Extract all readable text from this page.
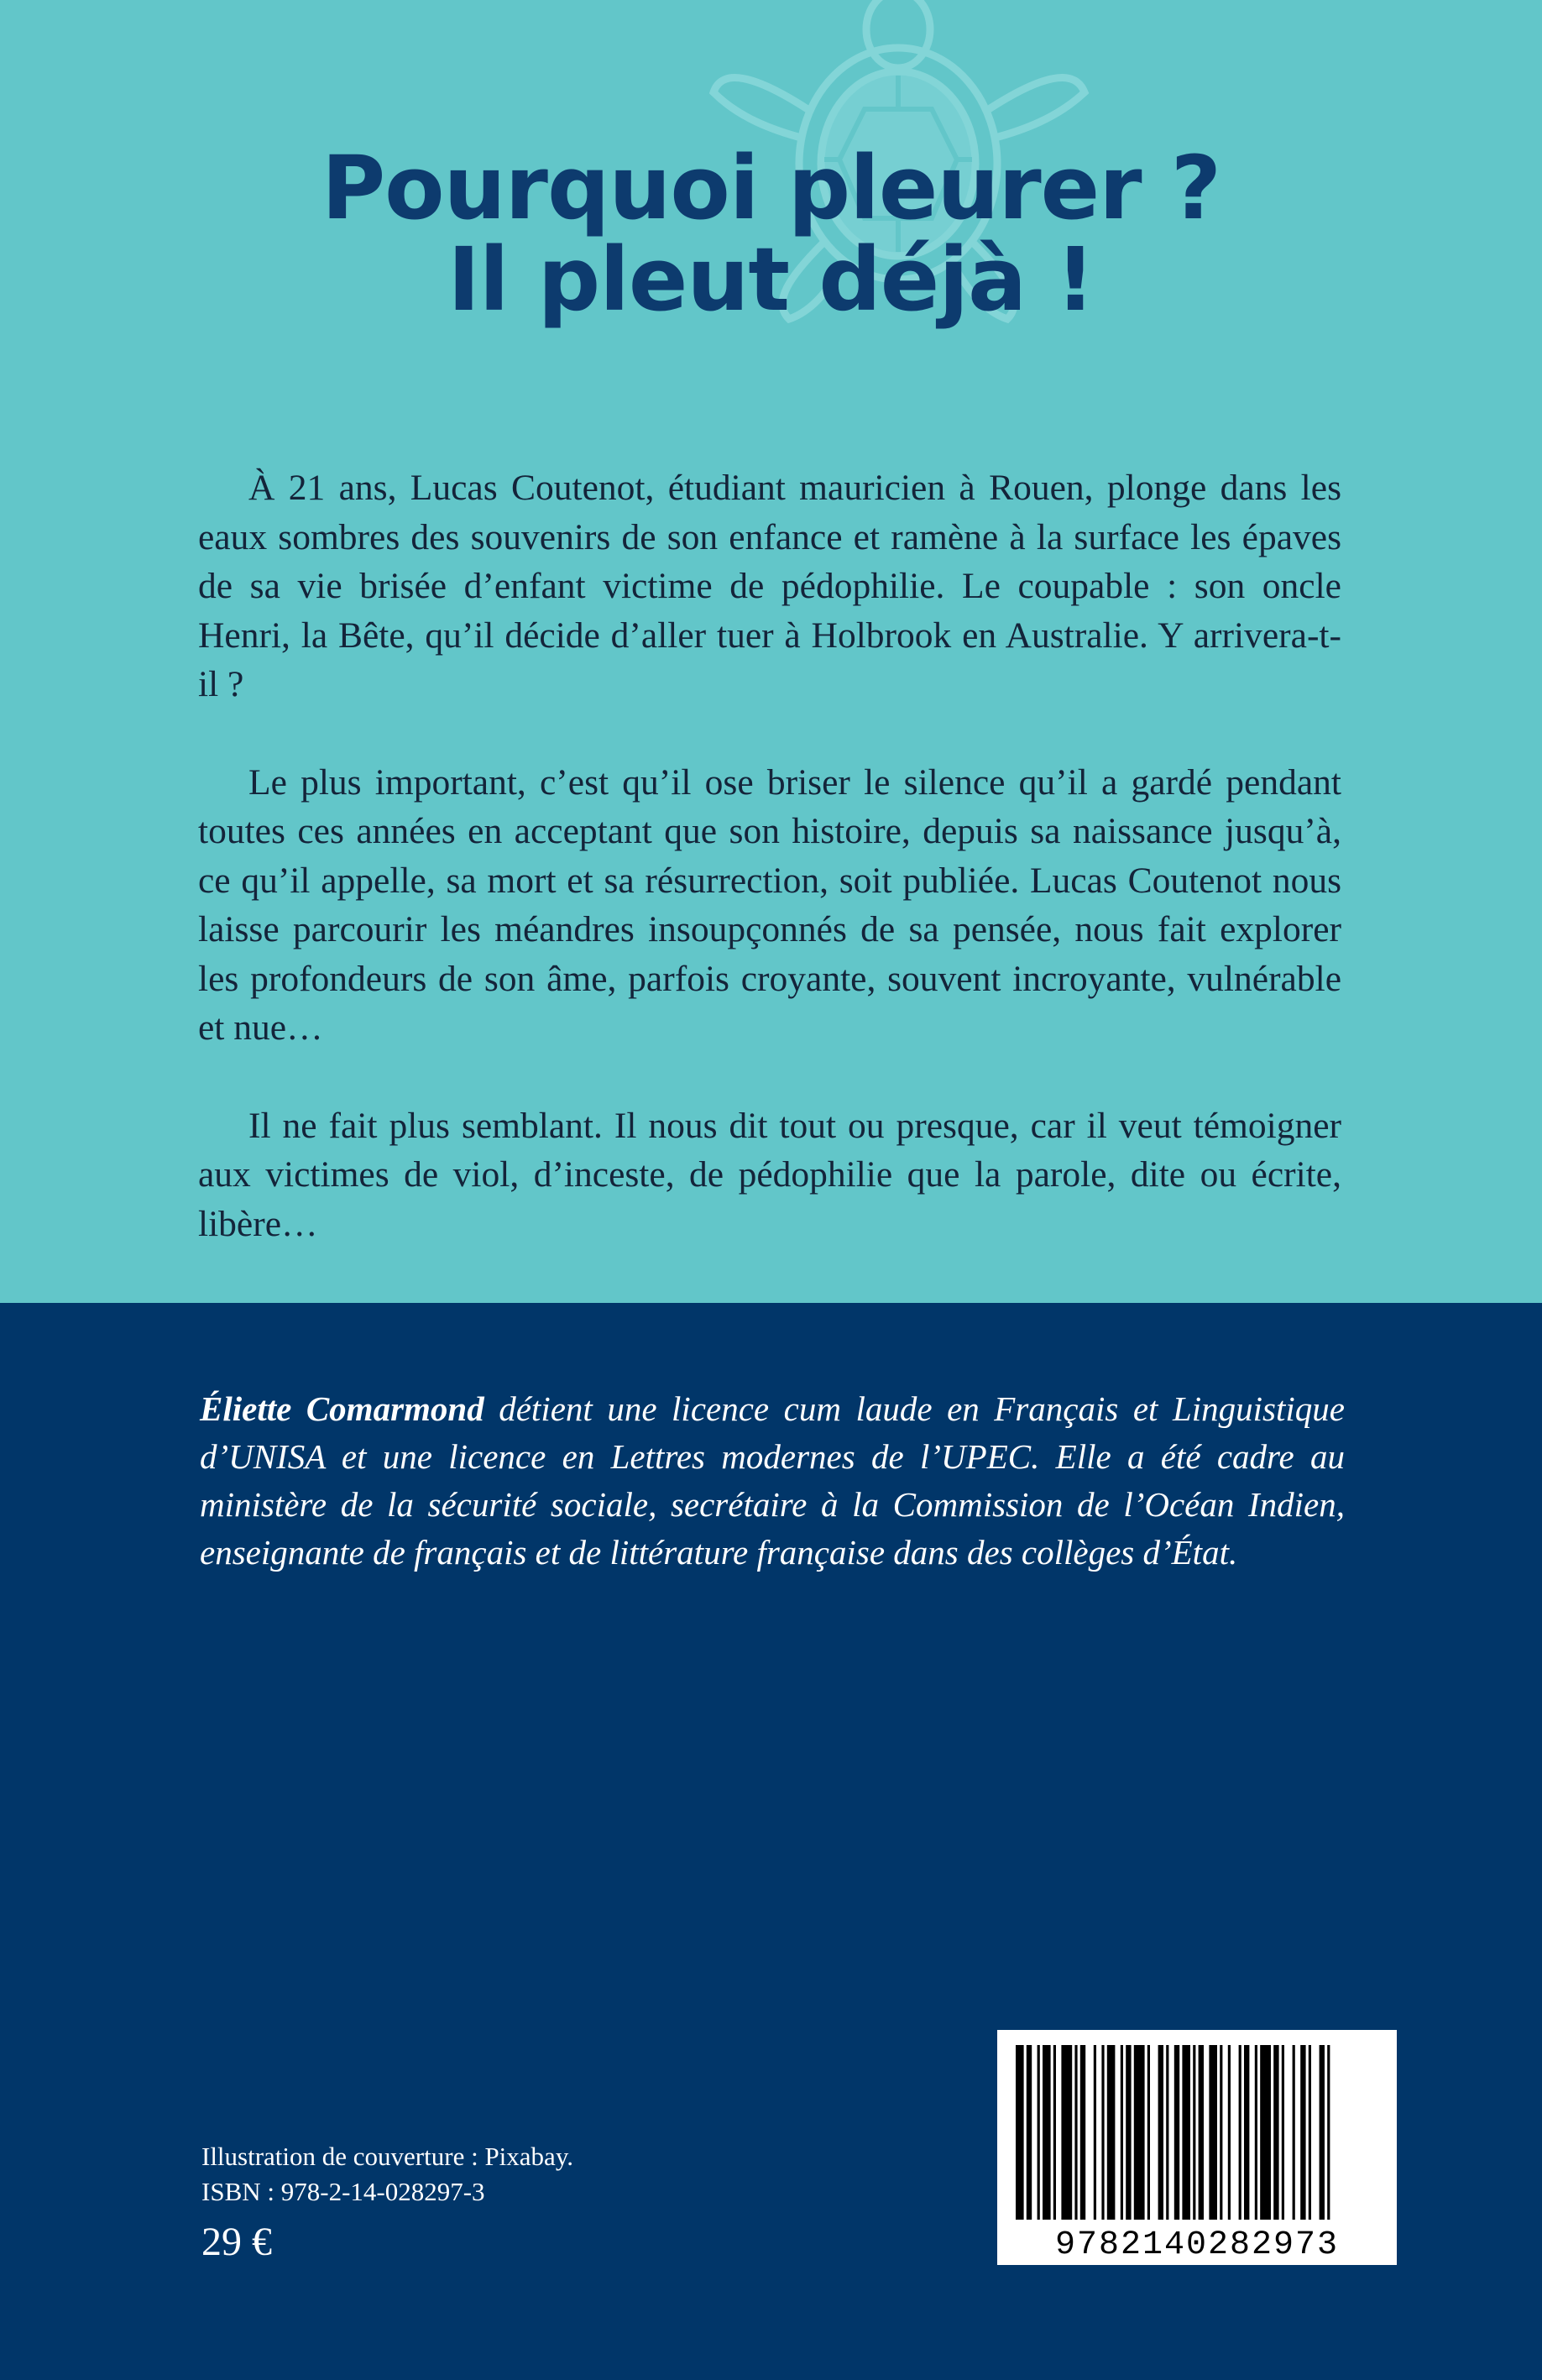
Pourquoi pleurer ?
Il pleut déjà !

À 21 ans, Lucas Coutenot, étudiant mauricien à Rouen, plonge dans les eaux sombres des souvenirs de son enfance et ramène à la surface les épaves de sa vie brisée d’enfant victime de pédophilie. Le coupable : son oncle Henri, la Bête, qu’il décide d’aller tuer à Holbrook en Australie. Y arrivera-t-il ?

Le plus important, c’est qu’il ose briser le silence qu’il a gardé pendant toutes ces années en acceptant que son histoire, depuis sa naissance jusqu’à, ce qu’il appelle, sa mort et sa résurrection, soit publiée. Lucas Coutenot nous laisse parcourir les méandres insoupçonnés de sa pensée, nous fait explorer les profondeurs de son âme, parfois croyante, souvent incroyante, vulnérable et nue…

Il ne fait plus semblant. Il nous dit tout ou presque, car il veut témoigner aux victimes de viol, d’inceste, de pédophilie que la parole, dite ou écrite, libère…

Éliette Comarmond détient une licence cum laude en Français et Linguistique d’UNISA et une licence en Lettres modernes de l’UPEC. Elle a été cadre au ministère de la sécurité sociale, secrétaire à la Commission de l’Océan Indien, enseignante de français et de littérature française dans des collèges d’État.

Illustration de couverture : Pixabay.
ISBN : 978-2-14-028297-3
29 €	9782140282973
